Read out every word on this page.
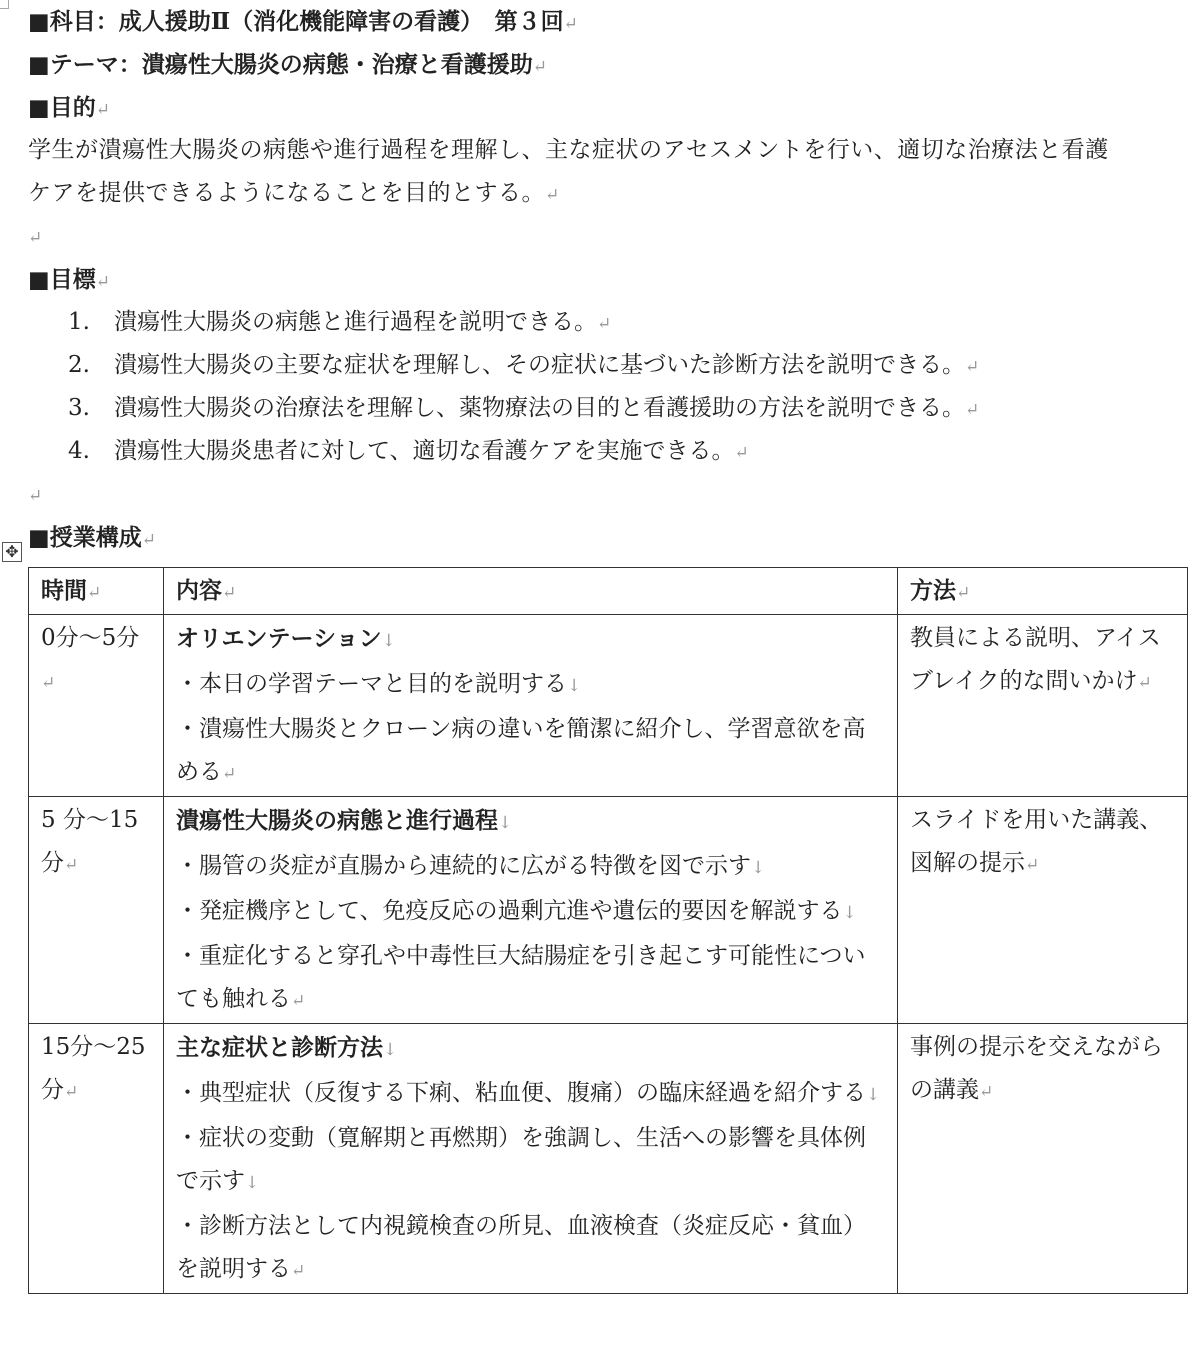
■科目：成人援助Ⅱ（消化機能障害の看護）　第３回↵
■テーマ：潰瘍性大腸炎の病態・治療と看護援助↵
■目的↵
学生が潰瘍性大腸炎の病態や進行過程を理解し、主な症状のアセスメントを行い、適切な治療法と看護
ケアを提供できるようになることを目的とする。↵
↵
■目標↵
1. 潰瘍性大腸炎の病態と進行過程を説明できる。↵
2. 潰瘍性大腸炎の主要な症状を理解し、その症状に基づいた診断方法を説明できる。↵
3. 潰瘍性大腸炎の治療法を理解し、薬物療法の目的と看護援助の方法を説明できる。↵
4. 潰瘍性大腸炎患者に対して、適切な看護ケアを実施できる。↵
↵
■授業構成↵
✥
時間↵	内容↵	方法↵
0分〜5分↵	オリエンテーション↓
・本日の学習テーマと目的を説明する↓
・潰瘍性大腸炎とクローン病の違いを簡潔に紹介し、学習意欲を高める↵	教員による説明、アイスブレイク的な問いかけ↵
5 分〜15分↵	潰瘍性大腸炎の病態と進行過程↓
・腸管の炎症が直腸から連続的に広がる特徴を図で示す↓
・発症機序として、免疫反応の過剰亢進や遺伝的要因を解説する↓
・重症化すると穿孔や中毒性巨大結腸症を引き起こす可能性についても触れる↵	スライドを用いた講義、図解の提示↵
15分〜25分↵	主な症状と診断方法↓
・典型症状（反復する下痢、粘血便、腹痛）の臨床経過を紹介する↓
・症状の変動（寛解期と再燃期）を強調し、生活への影響を具体例で示す↓
・診断方法として内視鏡検査の所見、血液検査（炎症反応・貧血）を説明する↵	事例の提示を交えながらの講義↵
